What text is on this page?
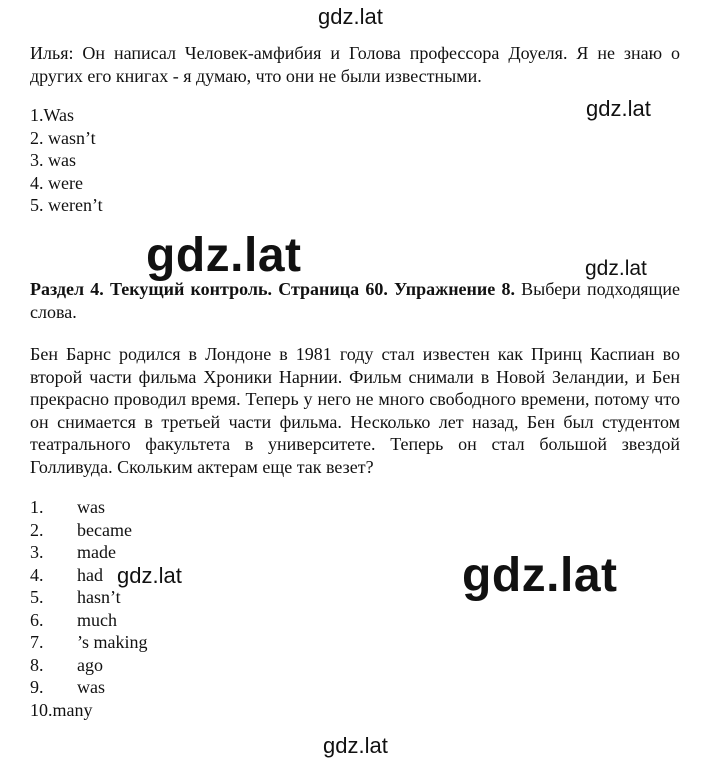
gdz.lat
gdz.lat
gdz.lat	gdz.lat
gdz.lat	gdz.lat
gdz.lat
Илья: Он написал Человек-амфибия и Голова профессора Доуеля. Я не знаю о других его книгах - я думаю, что они не были известными.
1.Was
2. wasn’t
3. was
4. were
5. weren’t
Раздел 4. Текущий контроль. Страница 60. Упражнение 8. Выбери подходящие слова.
Бен Барнс родился в Лондоне в 1981 году стал известен как Принц Каспиан во второй части фильма Хроники Нарнии. Фильм снимали в Новой Зеландии, и Бен прекрасно проводил время. Теперь у него не много свободного времени, потому что он снимается в третьей части фильма. Несколько лет назад, Бен был студентом театрального факультета в университете. Теперь он стал большой звездой Голливуда. Скольким актерам еще так везет?
1. was
2. became
3. made
4. had
5. hasn’t
6. much
7. ’s making
8. ago
9. was
10.many
